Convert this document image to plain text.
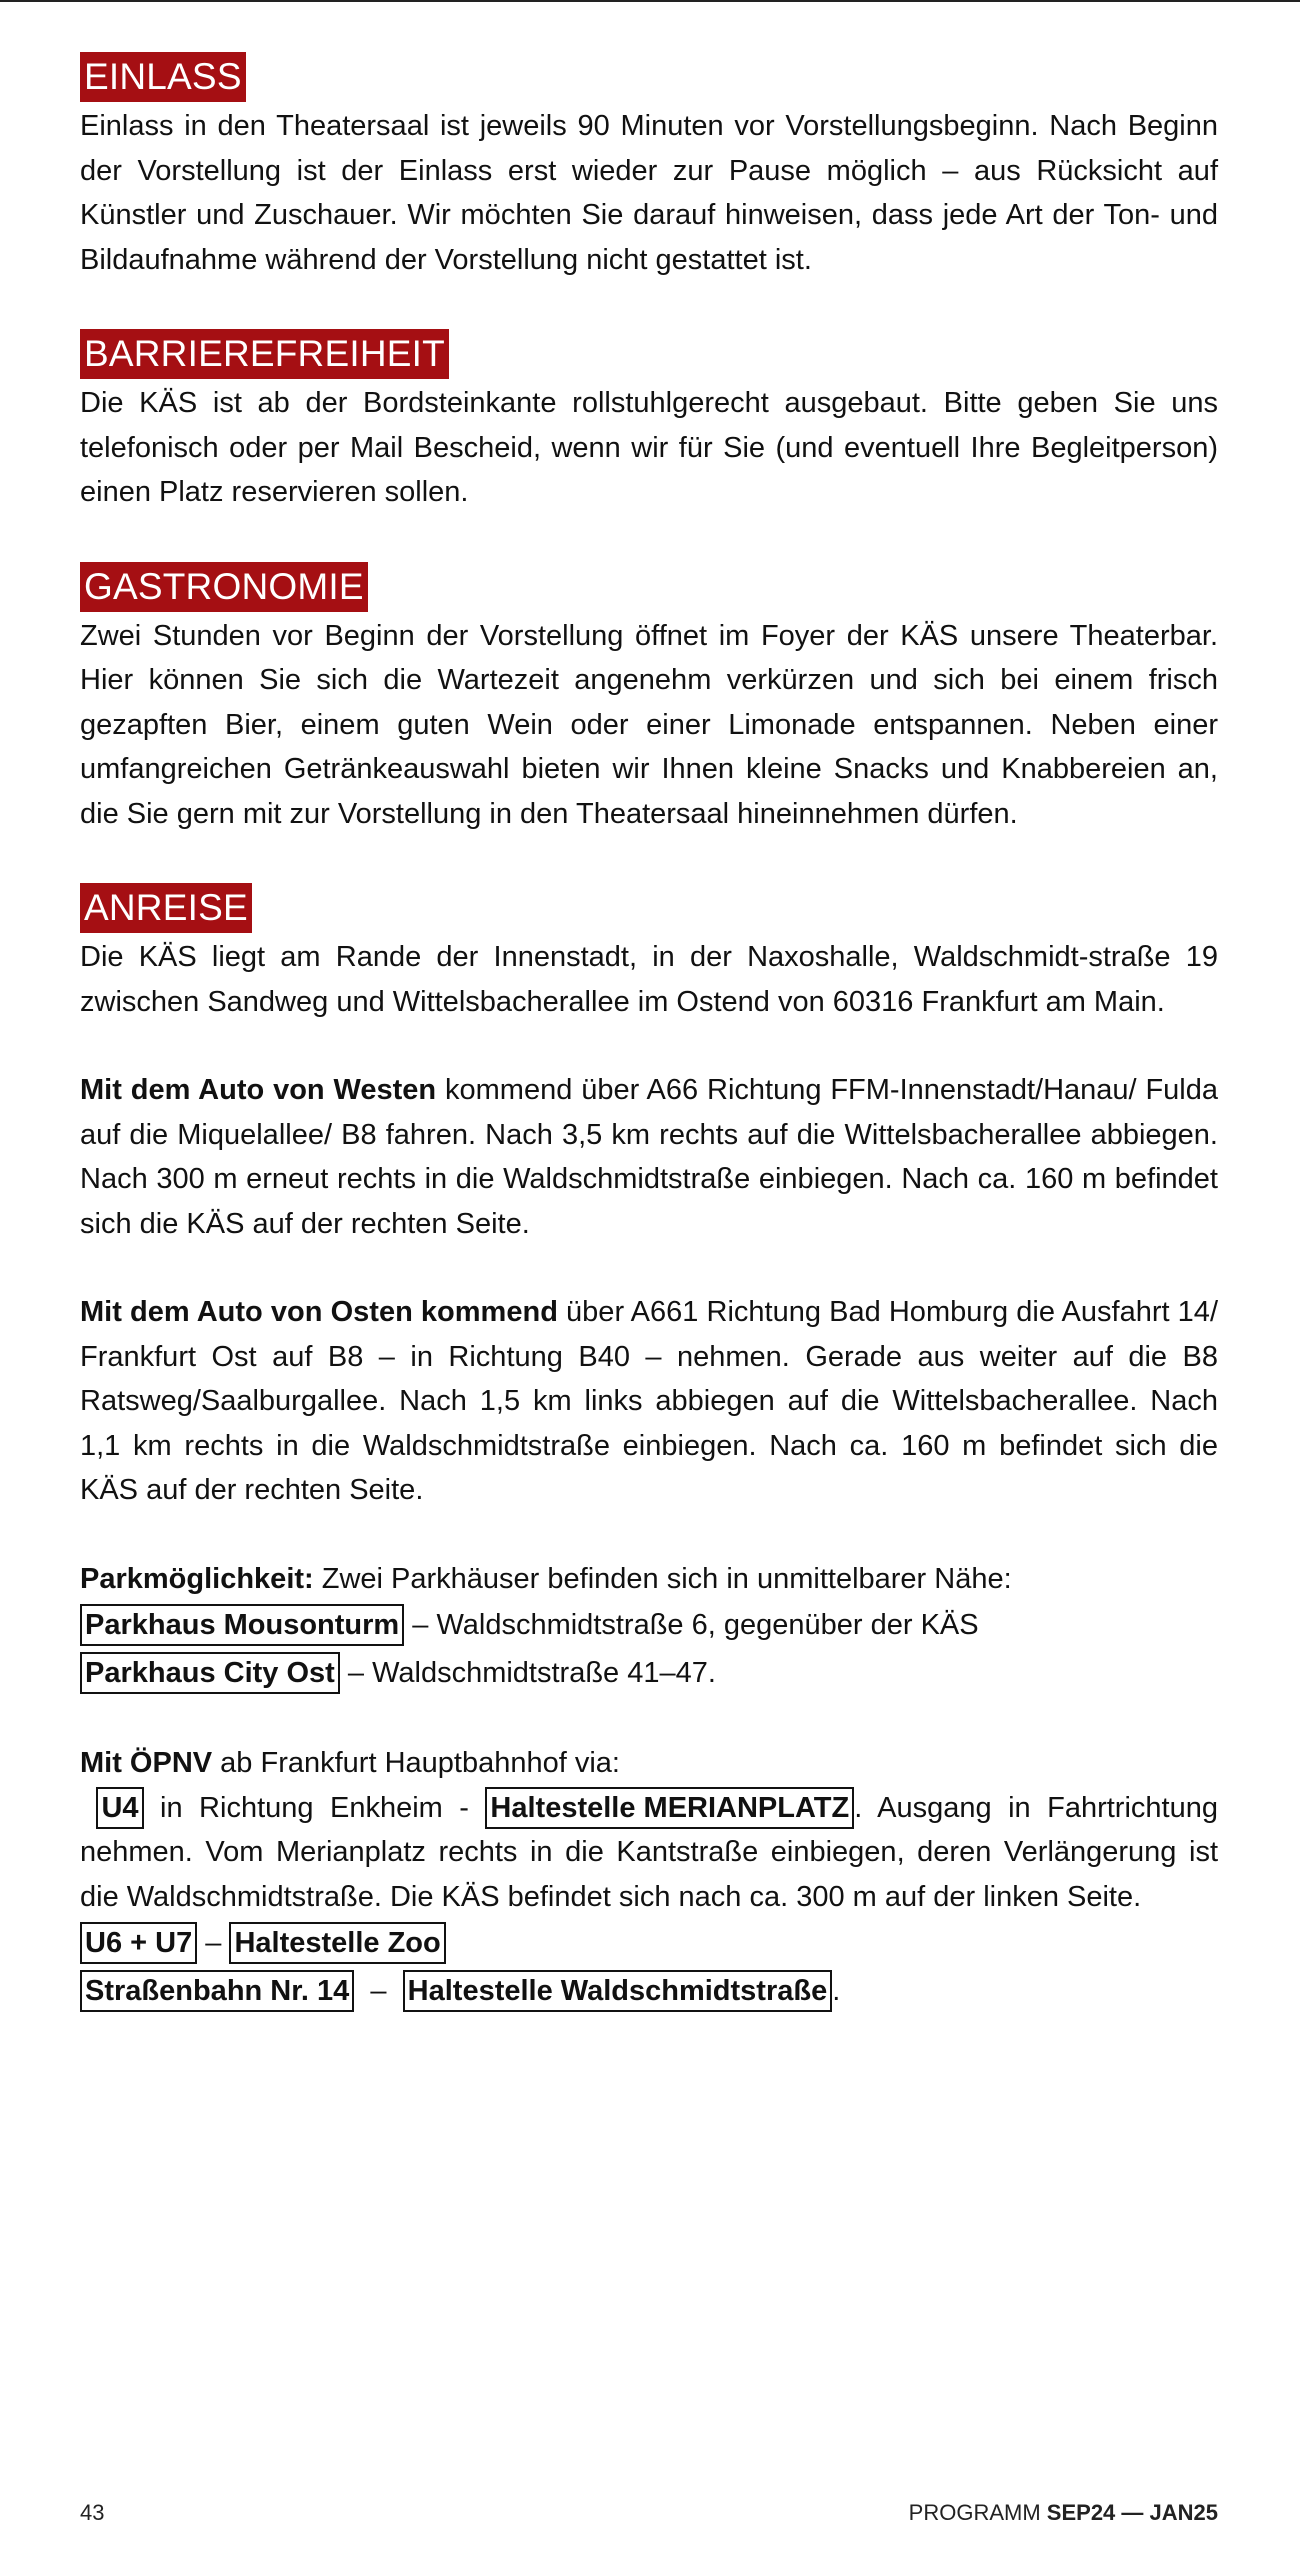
EINLASS

Einlass in den Theatersaal ist jeweils 90 Minuten vor Vorstellungsbeginn. Nach Beginn der Vorstellung ist der Einlass erst wieder zur Pause möglich – aus Rücksicht auf Künstler und Zuschauer. Wir möchten Sie darauf hinweisen, dass jede Art der Ton- und Bildaufnahme während der Vorstellung nicht gestattet ist.

BARRIEREFREIHEIT

Die KÄS ist ab der Bordsteinkante rollstuhlgerecht ausgebaut. Bitte geben Sie uns telefonisch oder per Mail Bescheid, wenn wir für Sie (und eventuell Ihre Begleitperson) einen Platz reservieren sollen.

GASTRONOMIE

Zwei Stunden vor Beginn der Vorstellung öffnet im Foyer der KÄS unsere Theaterbar. Hier können Sie sich die Wartezeit angenehm verkürzen und sich bei einem frisch gezapften Bier, einem guten Wein oder einer Limonade entspannen. Neben einer umfangreichen Getränkeauswahl bieten wir Ihnen kleine Snacks und Knabbereien an, die Sie gern mit zur Vorstellung in den Theatersaal hineinnehmen dürfen.

ANREISE

Die KÄS liegt am Rande der Innenstadt, in der Naxoshalle, Waldschmidt-straße 19 zwischen Sandweg und Wittelsbacherallee im Ostend von 60316 Frankfurt am Main.

Mit dem Auto von Westen kommend über A66 Richtung FFM-Innenstadt/Hanau/ Fulda auf die Miquelallee/ B8 fahren. Nach 3,5 km rechts auf die Wittelsbacherallee abbiegen. Nach 300 m erneut rechts in die Waldschmidtstraße einbiegen. Nach ca. 160 m befindet sich die KÄS auf der rechten Seite.

Mit dem Auto von Osten kommend über A661 Richtung Bad Homburg die Ausfahrt 14/ Frankfurt Ost auf B8 – in Richtung B40 – nehmen. Gerade aus weiter auf die B8 Ratsweg/Saalburgallee. Nach 1,5 km links abbiegen auf die Wittelsbacherallee. Nach 1,1 km rechts in die Waldschmidtstraße einbiegen. Nach ca. 160 m befindet sich die KÄS auf der rechten Seite.

Parkmöglichkeit: Zwei Parkhäuser befinden sich in unmittelbarer Nähe:

Parkhaus Mousonturm – Waldschmidtstraße 6, gegenüber der KÄS
Parkhaus City Ost – Waldschmidtstraße 41–47.

Mit ÖPNV ab Frankfurt Hauptbahnhof via:

U4 in Richtung Enkheim - Haltestelle MERIANPLATZ. Ausgang in Fahrtrichtung nehmen. Vom Merianplatz rechts in die Kantstraße einbiegen, deren Verlängerung ist die Waldschmidtstraße. Die KÄS befindet sich nach ca. 300 m auf der linken Seite.

U6 + U7 – Haltestelle Zoo
Straßenbahn Nr. 14  –  Haltestelle Waldschmidtstraße .
43	PROGRAMM SEP24 — JAN25
